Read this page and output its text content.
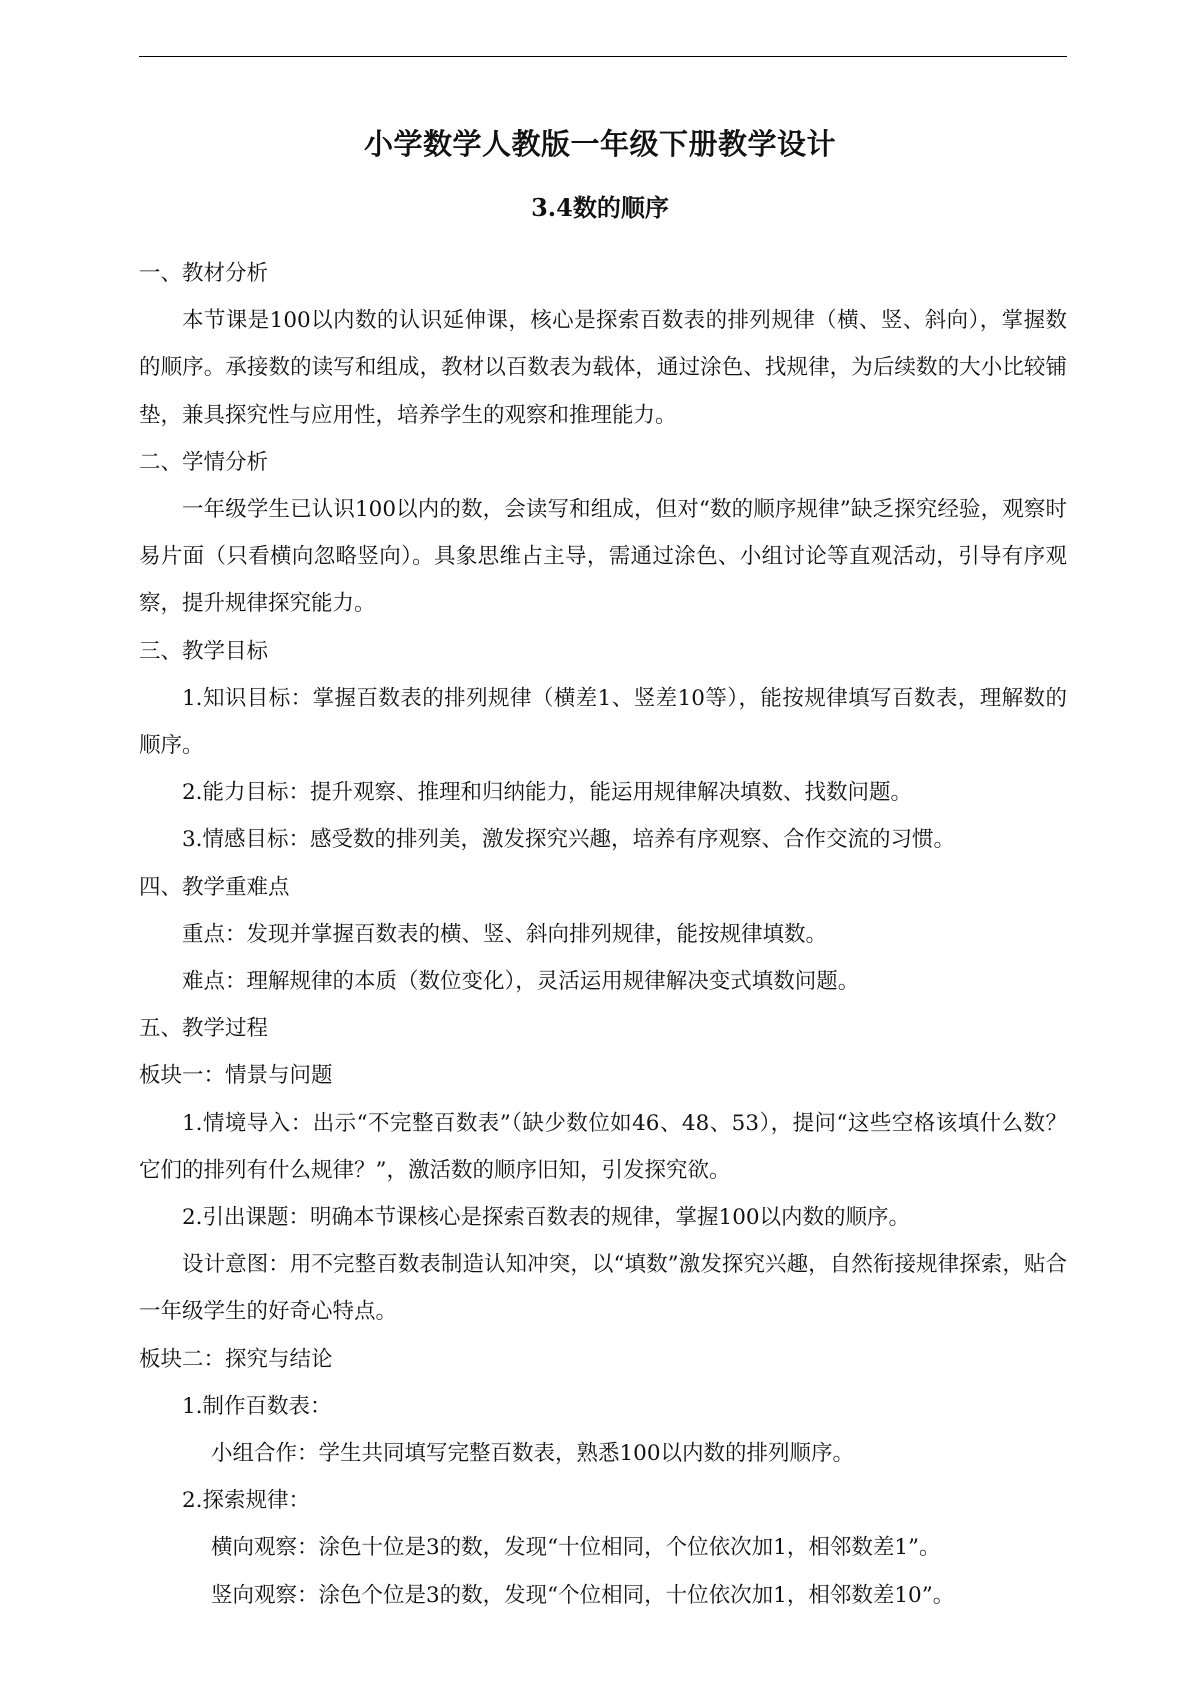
小学数学人教版一年级下册教学设计
3.4数的顺序

一、教材分析

本节课是100以内数的认识延伸课，核心是探索百数表的排列规律（横、竖、斜向），掌握数的顺序。承接数的读写和组成，教材以百数表为载体，通过涂色、找规律，为后续数的大小比较铺垫，兼具探究性与应用性，培养学生的观察和推理能力。

二、学情分析

一年级学生已认识100以内的数，会读写和组成，但对“数的顺序规律”缺乏探究经验，观察时易片面（只看横向忽略竖向）。具象思维占主导，需通过涂色、小组讨论等直观活动，引导有序观察，提升规律探究能力。

三、教学目标

1.知识目标：掌握百数表的排列规律（横差1、竖差10等），能按规律填写百数表，理解数的顺序。

2.能力目标：提升观察、推理和归纳能力，能运用规律解决填数、找数问题。

3.情感目标：感受数的排列美，激发探究兴趣，培养有序观察、合作交流的习惯。

四、教学重难点

重点：发现并掌握百数表的横、竖、斜向排列规律，能按规律填数。

难点：理解规律的本质（数位变化），灵活运用规律解决变式填数问题。

五、教学过程

板块一：情景与问题

1.情境导入：出示“不完整百数表”（缺少数位如46、48、53），提问“这些空格该填什么数？它们的排列有什么规律？”，激活数的顺序旧知，引发探究欲。

2.引出课题：明确本节课核心是探索百数表的规律，掌握100以内数的顺序。

设计意图：用不完整百数表制造认知冲突，以“填数”激发探究兴趣，自然衔接规律探索，贴合一年级学生的好奇心特点。

板块二：探究与结论

1.制作百数表：

小组合作：学生共同填写完整百数表，熟悉100以内数的排列顺序。

2.探索规律：

横向观察：涂色十位是3的数，发现“十位相同，个位依次加1，相邻数差1”。

竖向观察：涂色个位是3的数，发现“个位相同，十位依次加1，相邻数差10”。
